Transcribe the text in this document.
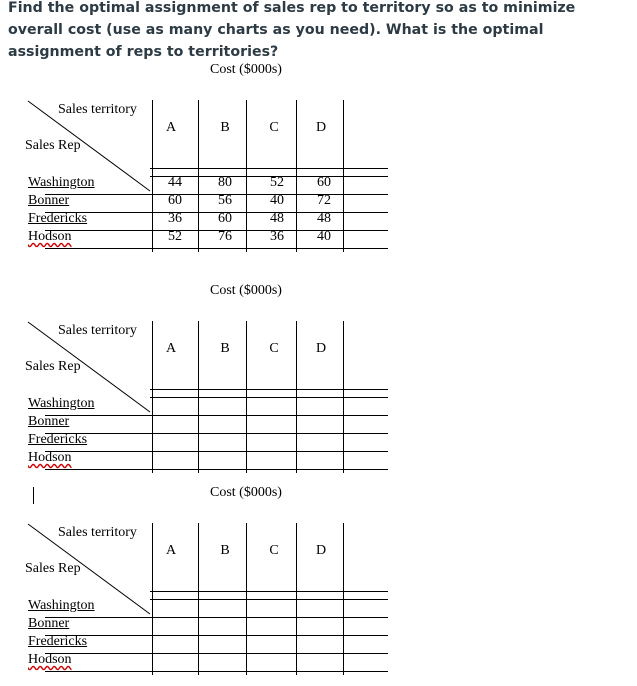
Find the optimal assignment of sales rep to territory so as to minimize overall cost (use as many charts as you need). What is the optimal assignment of reps to territories?

Cost ($000s)
Sales territory
Sales Rep
A	B	C	D
Washington	44	80	52	60
Bonner	60	56	40	72
Fredericks	36	60	48	48
Hodson	52	76	36	40
Cost ($000s)
Sales territory
Sales Rep
A	B	C	D
Washington
Bonner
Fredericks
Hodson
Cost ($000s)
Sales territory
Sales Rep
A	B	C	D
Washington
Bonner
Fredericks
Hodson
